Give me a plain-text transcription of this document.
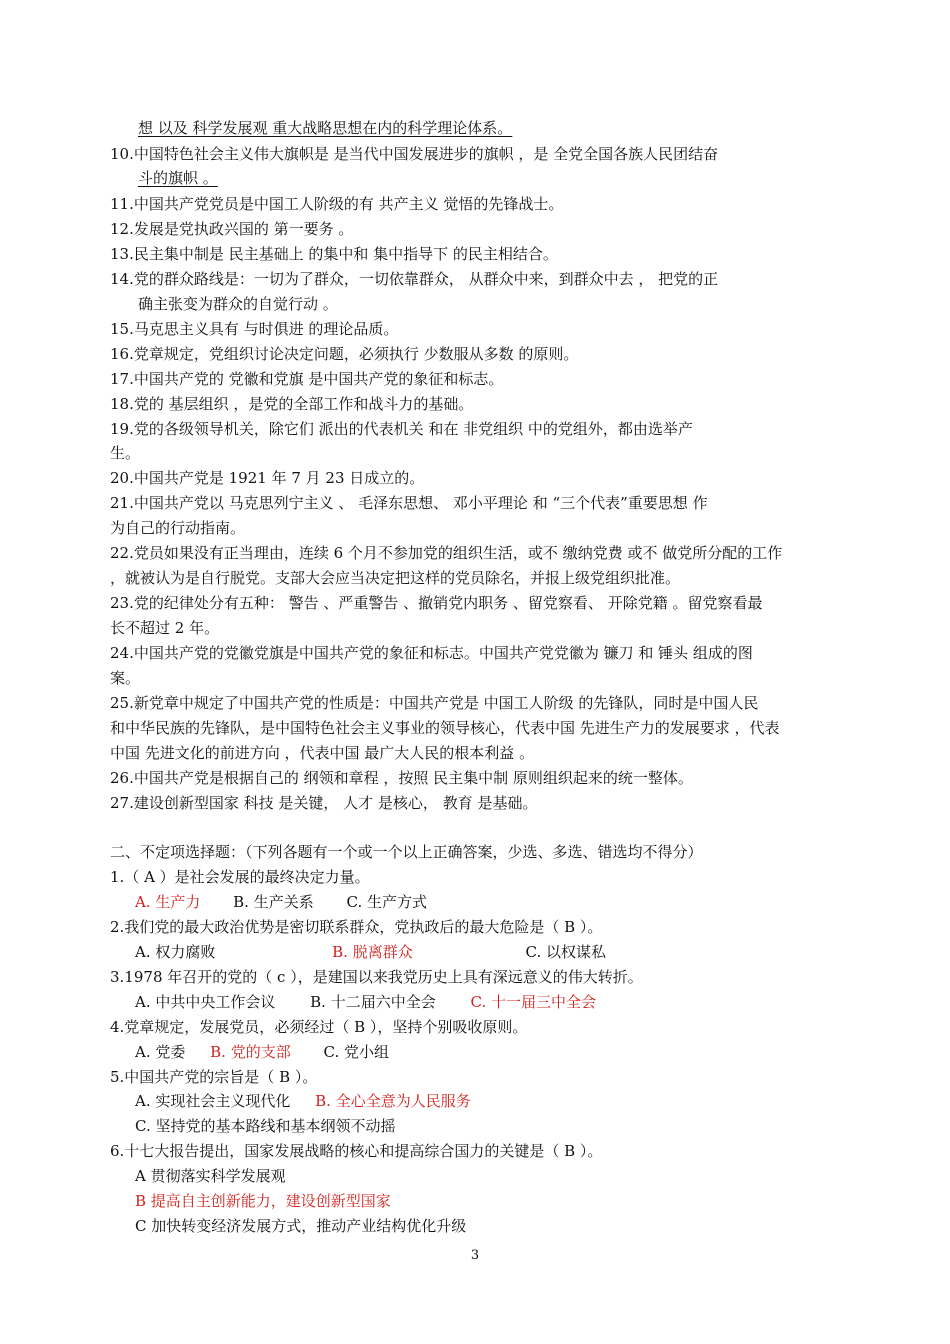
想 以及 科学发展观 重大战略思想在内的科学理论体系。
10.中国特色社会主义伟大旗帜是 是当代中国发展进步的旗帜 ，是 全党全国各族人民团结奋
斗的旗帜 。
11.中国共产党党员是中国工人阶级的有 共产主义 觉悟的先锋战士。
12.发展是党执政兴国的 第一要务 。
13.民主集中制是 民主基础上 的集中和 集中指导下 的民主相结合。
14.党的群众路线是：一切为了群众，一切依靠群众， 从群众中来，到群众中去 ， 把党的正
确主张变为群众的自觉行动 。
15.马克思主义具有 与时俱进 的理论品质。
16.党章规定，党组织讨论决定问题，必须执行 少数服从多数 的原则。
17.中国共产党的 党徽和党旗 是中国共产党的象征和标志。
18.党的 基层组织 ，是党的全部工作和战斗力的基础。
19.党的各级领导机关，除它们 派出的代表机关 和在 非党组织 中的党组外，都由选举产
生。
20.中国共产党是 1921 年 7 月 23 日成立的。
21.中国共产党以 马克思列宁主义 、 毛泽东思想、 邓小平理论 和 “三个代表”重要思想 作
为自己的行动指南。
22.党员如果没有正当理由，连续 6 个月不参加党的组织生活，或不 缴纳党费 或不 做党所分配的工作
，就被认为是自行脱党。支部大会应当决定把这样的党员除名，并报上级党组织批准。
23.党的纪律处分有五种： 警告 、严重警告 、撤销党内职务 、留党察看、 开除党籍 。留党察看最
长不超过 2 年。
24.中国共产党的党徽党旗是中国共产党的象征和标志。中国共产党党徽为 镰刀 和 锤头 组成的图
案。
25.新党章中规定了中国共产党的性质是：中国共产党是 中国工人阶级 的先锋队，同时是中国人民
和中华民族的先锋队，是中国特色社会主义事业的领导核心，代表中国 先进生产力的发展要求 ，代表
中国 先进文化的前进方向 ，代表中国 最广大人民的根本利益 。
26.中国共产党是根据自己的 纲领和章程 ，按照 民主集中制 原则组织起来的统一整体。
27.建设创新型国家 科技 是关键， 人才 是核心， 教育 是基础。
二、不定项选择题：（下列各题有一个或一个以上正确答案，少选、多选、错选均不得分）
1.（ A ）是社会发展的最终决定力量。
A. 生产力 B. 生产关系 C. 生产方式
2.我们党的最大政治优势是密切联系群众，党执政后的最大危险是（ B ）。
A. 权力腐败	B. 脱离群众	C. 以权谋私
3.1978 年召开的党的（ c ），是建国以来我党历史上具有深远意义的伟大转折。
A. 中共中央工作会议 B. 十二届六中全会 C. 十一届三中全会
4.党章规定，发展党员，必须经过（ B ），坚持个别吸收原则。
A. 党委 B. 党的支部 C. 党小组
5.中国共产党的宗旨是（ B ）。
A. 实现社会主义现代化 B. 全心全意为人民服务
C. 坚持党的基本路线和基本纲领不动摇
6.十七大报告提出，国家发展战略的核心和提高综合国力的关键是（ B ）。
A 贯彻落实科学发展观
B 提高自主创新能力，建设创新型国家
C 加快转变经济发展方式，推动产业结构优化升级
3
